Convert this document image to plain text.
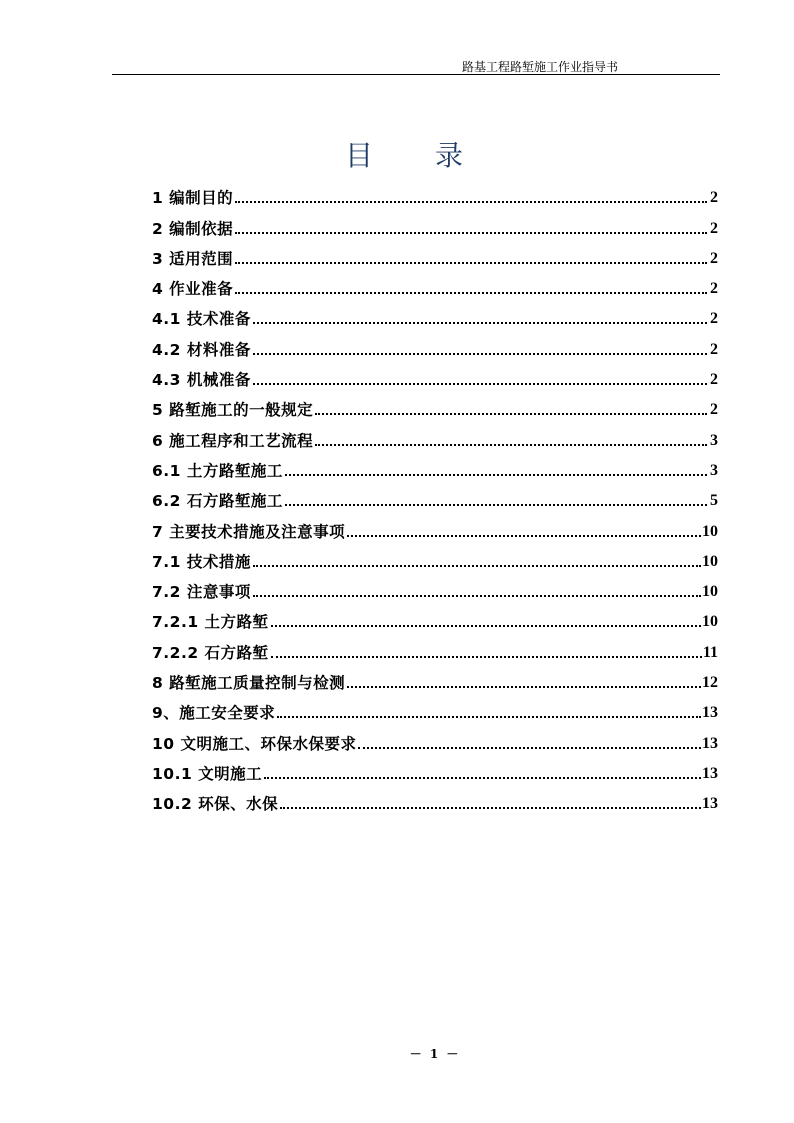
路基工程路堑施工作业指导书
目录
1 编制目的	2
2 编制依据	2
3 适用范围	2
4 作业准备	2
4.1 技术准备	2
4.2 材料准备	2
4.3 机械准备	2
5 路堑施工的一般规定	2
6 施工程序和工艺流程	3
6.1 土方路堑施工	3
6.2 石方路堑施工	5
7 主要技术措施及注意事项	10
7.1 技术措施	10
7.2 注意事项	10
7.2.1 土方路堑	10
7.2.2 石方路堑	11
8 路堑施工质量控制与检测	12
9、施工安全要求	13
10 文明施工、环保水保要求	13
10.1 文明施工	13
10.2 环保、水保	13
－ 1 －
